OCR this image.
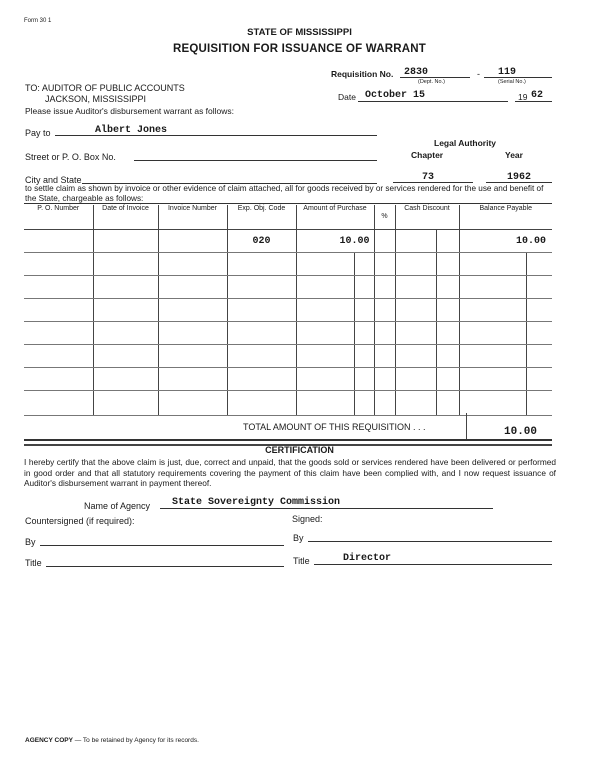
Form 30 1
STATE OF MISSISSIPPI
REQUISITION FOR ISSUANCE OF WARRANT
Requisition No. 2830	- 119
(Dept. No.)	(Serial No.)
TO: AUDITOR OF PUBLIC ACCOUNTS
JACKSON, MISSISSIPPI
Please issue Auditor's disbursement warrant as follows:
Date October 15	19 62
Pay to	Albert Jones
Legal Authority
Chapter	Year
Street or P. O. Box No.
City and State	73	1962
to settle claim as shown by invoice or other evidence of claim attached, all for goods received by or services rendered for the use and benefit of the State, chargeable as follows:
P. O. Number	Date of Invoice	Invoice Number	Exp. Obj. Code	Amount of Purchase		%	Cash Discount		Balance Payable	
			020	10.00					10.00	

TOTAL AMOUNT OF THIS REQUISITION . . .	10.00
CERTIFICATION
I hereby certify that the above claim is just, due, correct and unpaid, that the goods sold or services rendered have been delivered or performed in good order and that all statutory requirements covering the payment of this claim have been complied with, and I now request issuance of Auditor's disbursement warrant in payment thereof.
Name of Agency State Sovereignty Commission
Countersigned (if required):	Signed:
By	By
Title	Title	Director
AGENCY COPY — To be retained by Agency for its records.
